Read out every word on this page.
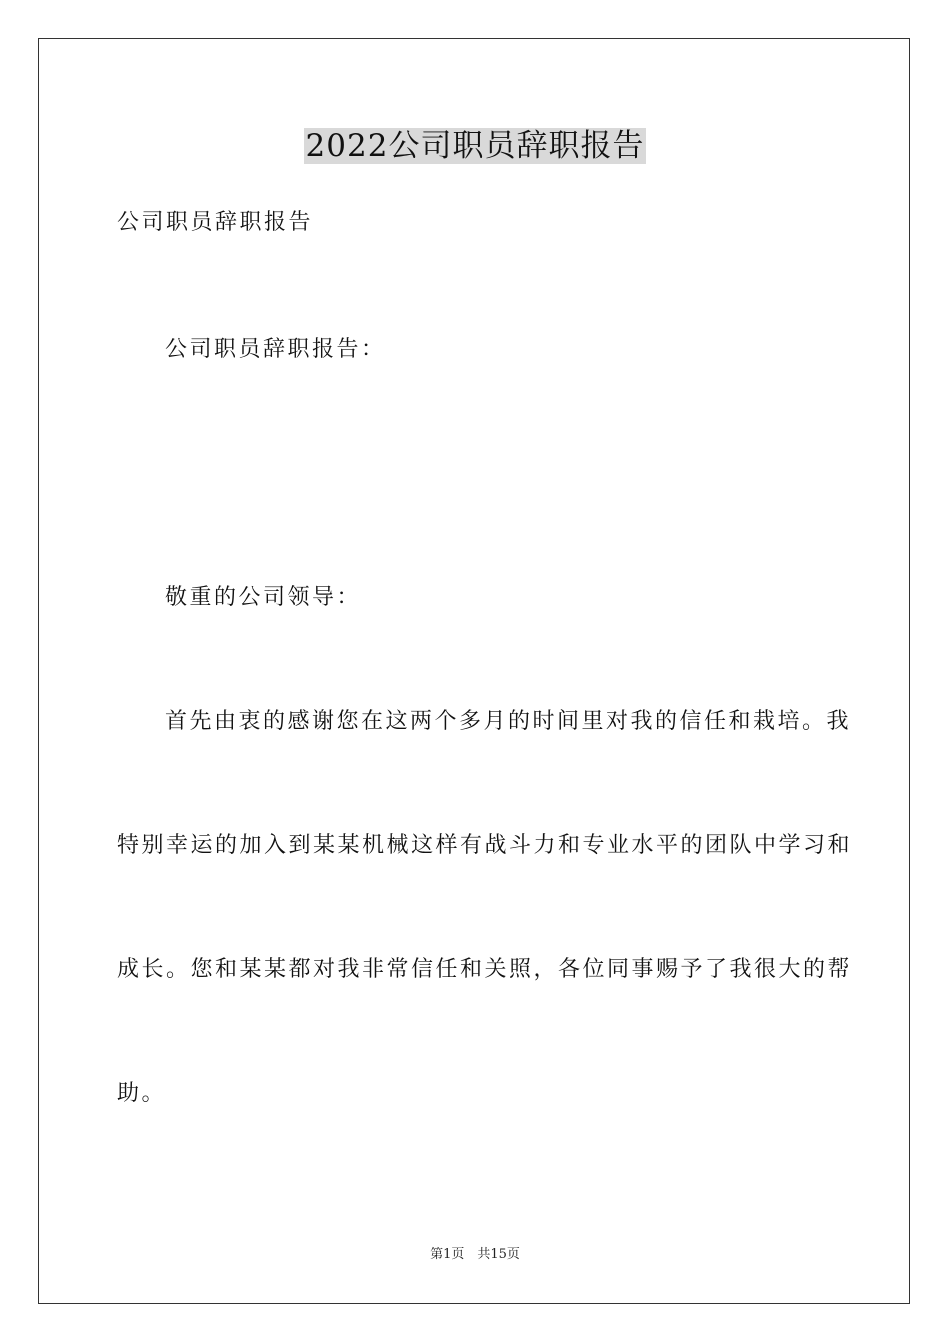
2022公司职员辞职报告
公司职员辞职报告
公司职员辞职报告：
敬重的公司领导：
首先由衷的感谢您在这两个多月的时间里对我的信任和栽培。我
特别幸运的加入到某某机械这样有战斗力和专业水平的团队中学习和
成长。您和某某都对我非常信任和关照，各位同事赐予了我很大的帮
助。
第1页　共15页
